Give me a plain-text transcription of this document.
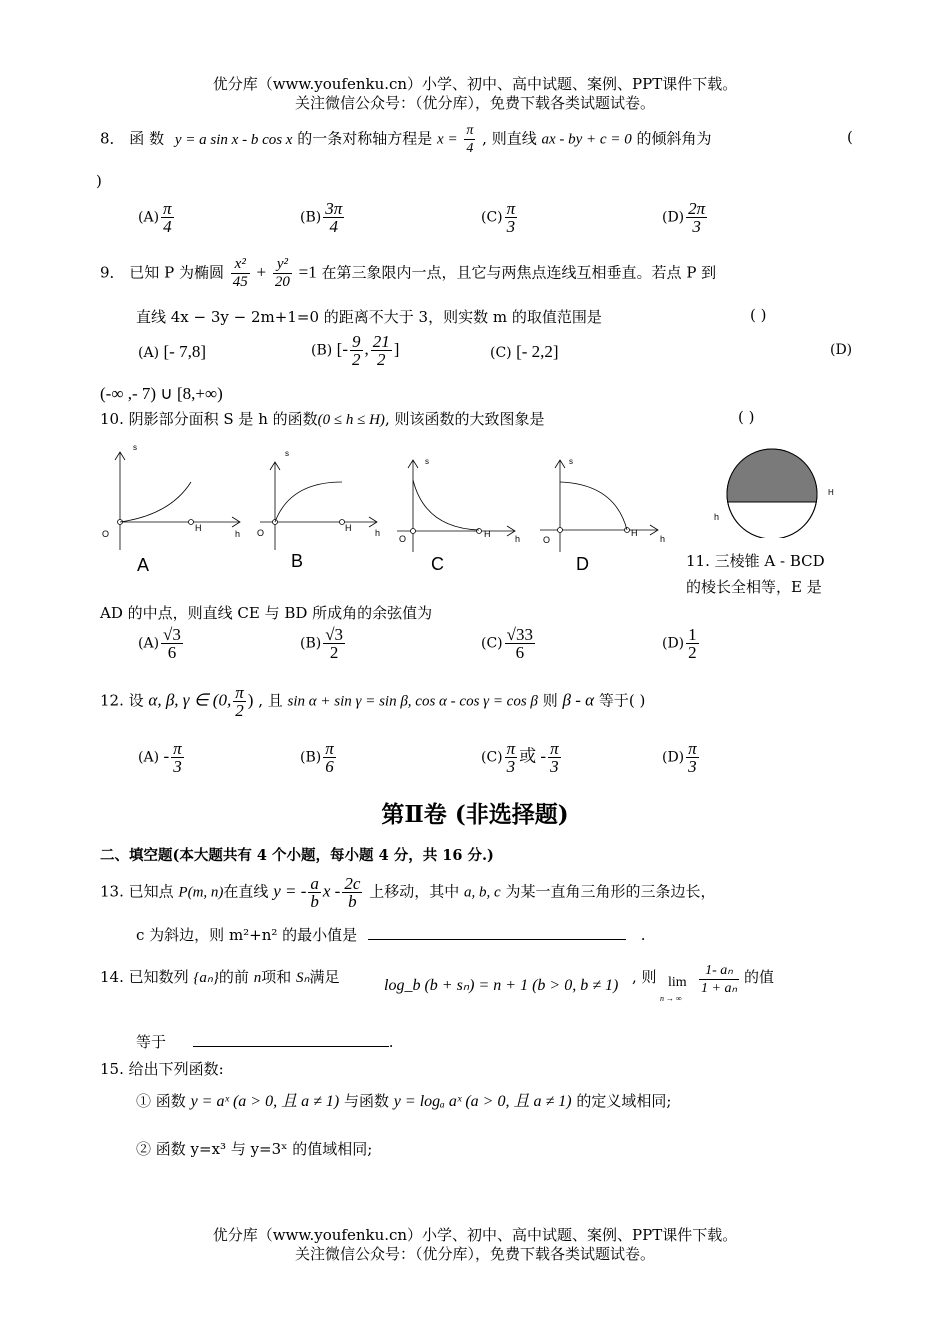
优分库（www.youfenku.cn）小学、初中、高中试题、案例、PPT课件下载。
关注微信公众号：（优分库），免费下载各类试题试卷。
8． 函 数 y = a sin x - b cos x 的一条对称轴方程是 $x = \frac{\pi}{4}$ , 则直线 ax - by + c = 0 的倾斜角为	(
)
$(A) \frac{\pi}{4}$	$(B) \frac{3\pi}{4}$	$(C) \frac{\pi}{3}$	$(D) \frac{2\pi}{3}$
9． 已知 P 为椭圆 $\frac{\text{x²}}{45} + \frac{\text{y²}}{20} =1$ 在第三象限内一点，且它与两焦点连线互相垂直。若点 P 到
直线 4x − 3y − 2m+1=0 的距离不大于 3，则实数 m 的取值范围是	( )
(A) [- 7,8]	(B) [- $\frac{9}{2}$ , $\frac{21}{2}$ ]	(C) [- 2,2]	(D)
(-∞ ,- 7) ∪ [8,+∞)
10. 阴影部分面积 S 是 h 的函数(0 ≤ h ≤ H), 则该函数的大致图象是	( )
s
O
H
h
A
s
O	H	h
B
s
O	H	h
C
s
O
H
h
D
h
H
11. 三棱锥 A - BCD
的棱长全相等，E 是
AD 的中点，则直线 CE 与 BD 所成角的余弦值为
$(A) \frac{√3}{6}$	$(B) \frac{√3}{2}$	$(C) \frac{√33}{6}$	$(D) \frac{1}{2}$
12. 设 α, β, γ ∈ (0, $\frac{\pi}{2}$ ) , 且 sin α + sin γ = sin β, cos α - cos γ = cos β 则 β - α 等于( )
$(A) - \frac{\pi}{3}$	$(B) \frac{\pi}{6}$	$(C) \frac{\pi}{3}$ 或 - $\frac{\pi}{3}$	$(D) \frac{\pi}{3}$
第Ⅱ卷 (非选择题)
二、填空题(本大题共有 4 个小题，每小题 4 分，共 16 分.)
13. 已知点 P(m, n)在直线 y = - $\frac{a}{b}$ x - $\frac{2c}{b}$ 上移动，其中 a, b, c 为某一直角三角形的三条边长，
c 为斜边，则 m²+n² 的最小值是	.
14. 已知数列 {aₙ}的前 n项和 Sₙ满足	log_b (b + sₙ) = n + 1 (b > 0, b ≠ 1) , 则 lim
n → ∞
$\frac{\text{1- aₙ}}{\text{1 + aₙ}}$ 的值
等于	.
15. 给出下列函数:
① 函数 y = aˣ (a > 0, 且 a ≠ 1) 与函数 y = logₐ aˣ (a > 0, 且 a ≠ 1) 的定义域相同;
② 函数 y=x³ 与 y=3ˣ 的值域相同;
优分库（www.youfenku.cn）小学、初中、高中试题、案例、PPT课件下载。
关注微信公众号：（优分库），免费下载各类试题试卷。
